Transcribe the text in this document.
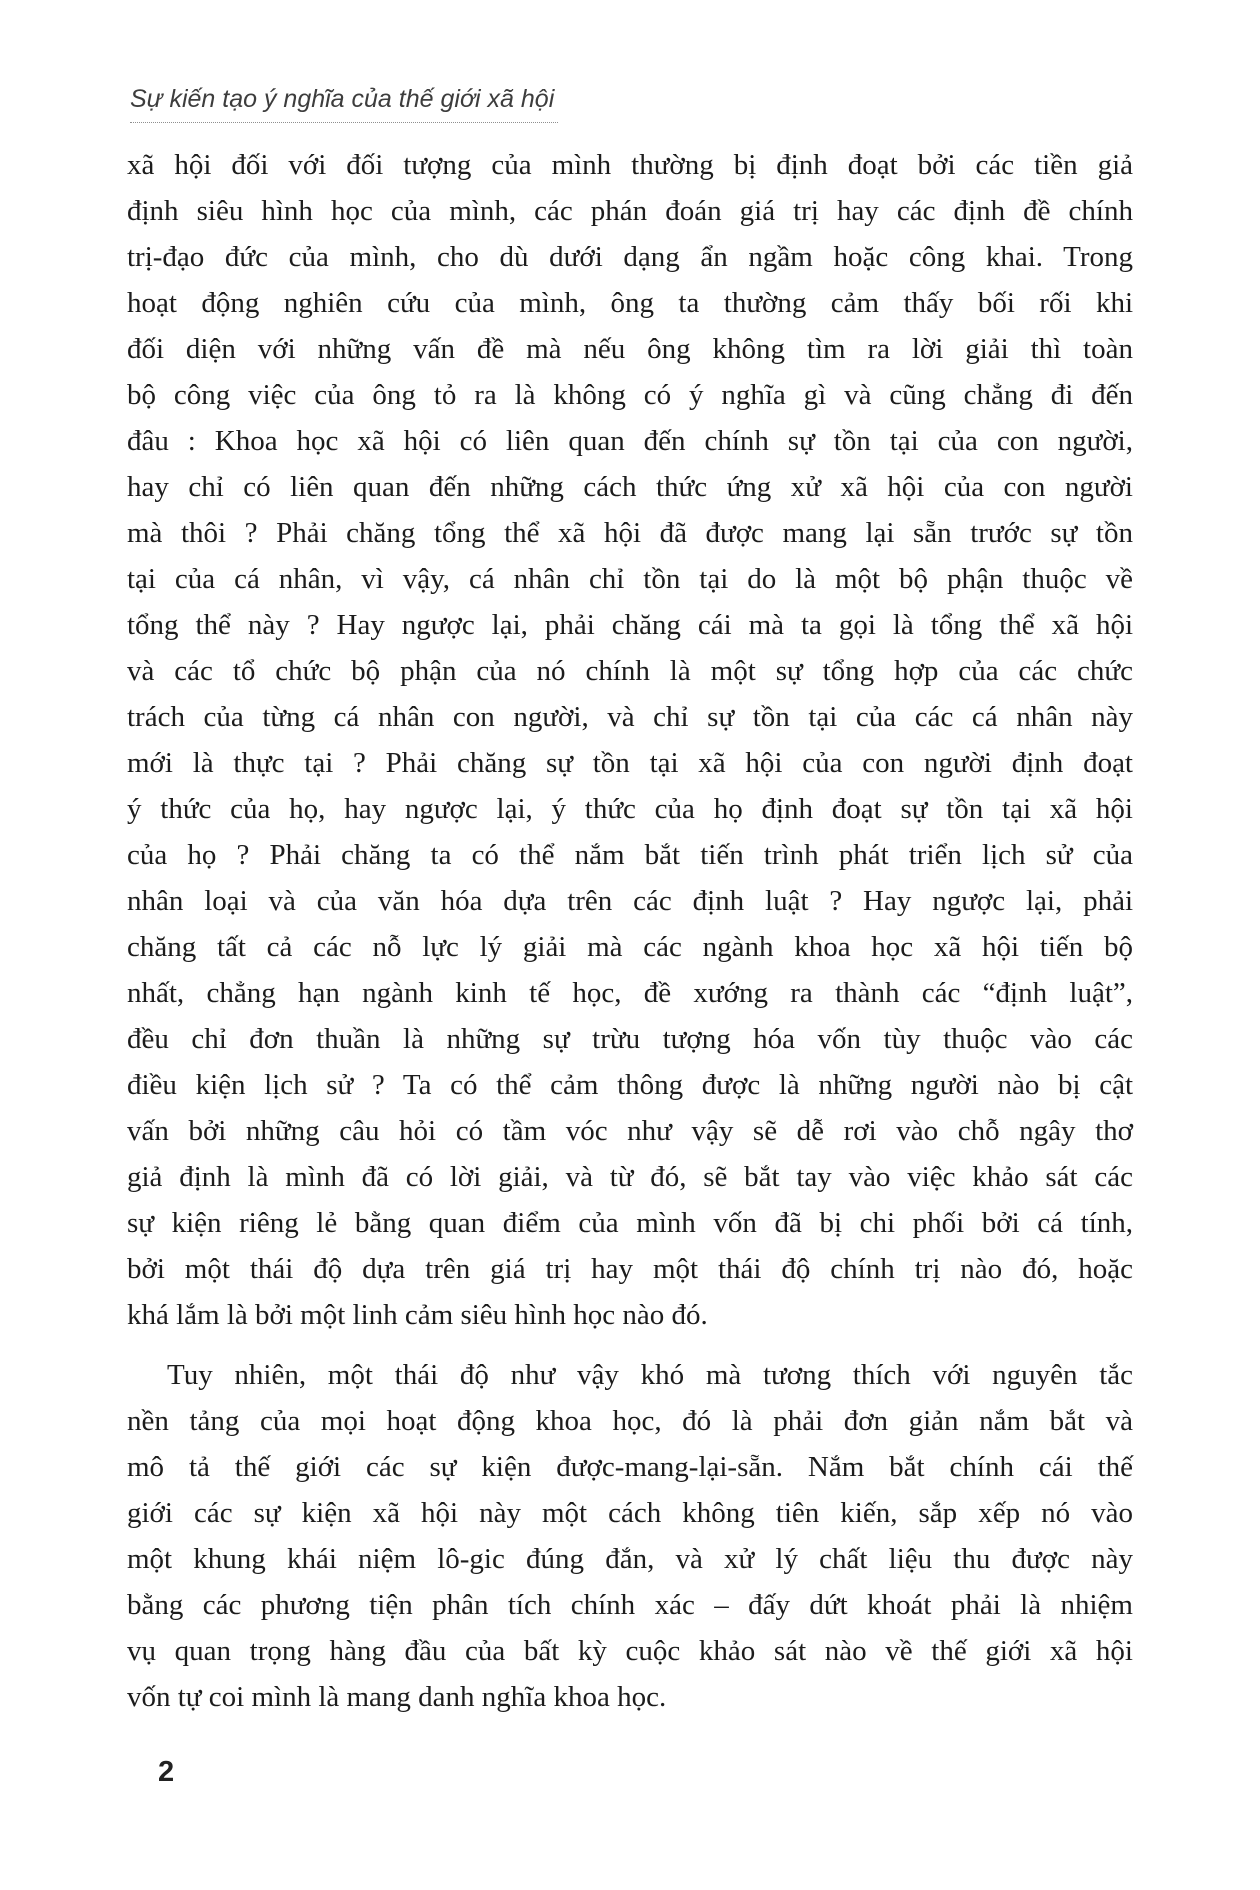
Sự kiến tạo ý nghĩa của thế giới xã hội
xã hội đối với đối tượng của mình thường bị định đoạt bởi các tiền giả
định siêu hình học của mình, các phán đoán giá trị hay các định đề chính
trị-đạo đức của mình, cho dù dưới dạng ẩn ngầm hoặc công khai. Trong
hoạt động nghiên cứu của mình, ông ta thường cảm thấy bối rối khi
đối diện với những vấn đề mà nếu ông không tìm ra lời giải thì toàn
bộ công việc của ông tỏ ra là không có ý nghĩa gì và cũng chẳng đi đến
đâu : Khoa học xã hội có liên quan đến chính sự tồn tại của con người,
hay chỉ có liên quan đến những cách thức ứng xử xã hội của con người
mà thôi ? Phải chăng tổng thể xã hội đã được mang lại sẵn trước sự tồn
tại của cá nhân, vì vậy, cá nhân chỉ tồn tại do là một bộ phận thuộc về
tổng thể này ? Hay ngược lại, phải chăng cái mà ta gọi là tổng thể xã hội
và các tổ chức bộ phận của nó chính là một sự tổng hợp của các chức
trách của từng cá nhân con người, và chỉ sự tồn tại của các cá nhân này
mới là thực tại ? Phải chăng sự tồn tại xã hội của con người định đoạt
ý thức của họ, hay ngược lại, ý thức của họ định đoạt sự tồn tại xã hội
của họ ? Phải chăng ta có thể nắm bắt tiến trình phát triển lịch sử của
nhân loại và của văn hóa dựa trên các định luật ? Hay ngược lại, phải
chăng tất cả các nỗ lực lý giải mà các ngành khoa học xã hội tiến bộ
nhất, chẳng hạn ngành kinh tế học, đề xướng ra thành các “định luật”,
đều chỉ đơn thuần là những sự trừu tượng hóa vốn tùy thuộc vào các
điều kiện lịch sử ? Ta có thể cảm thông được là những người nào bị cật
vấn bởi những câu hỏi có tầm vóc như vậy sẽ dễ rơi vào chỗ ngây thơ
giả định là mình đã có lời giải, và từ đó, sẽ bắt tay vào việc khảo sát các
sự kiện riêng lẻ bằng quan điểm của mình vốn đã bị chi phối bởi cá tính,
bởi một thái độ dựa trên giá trị hay một thái độ chính trị nào đó, hoặc
khá lắm là bởi một linh cảm siêu hình học nào đó.
Tuy nhiên, một thái độ như vậy khó mà tương thích với nguyên tắc
nền tảng của mọi hoạt động khoa học, đó là phải đơn giản nắm bắt và
mô tả thế giới các sự kiện được-mang-lại-sẵn. Nắm bắt chính cái thế
giới các sự kiện xã hội này một cách không tiên kiến, sắp xếp nó vào
một khung khái niệm lô-gic đúng đắn, và xử lý chất liệu thu được này
bằng các phương tiện phân tích chính xác – đấy dứt khoát phải là nhiệm
vụ quan trọng hàng đầu của bất kỳ cuộc khảo sát nào về thế giới xã hội
vốn tự coi mình là mang danh nghĩa khoa học.
2
